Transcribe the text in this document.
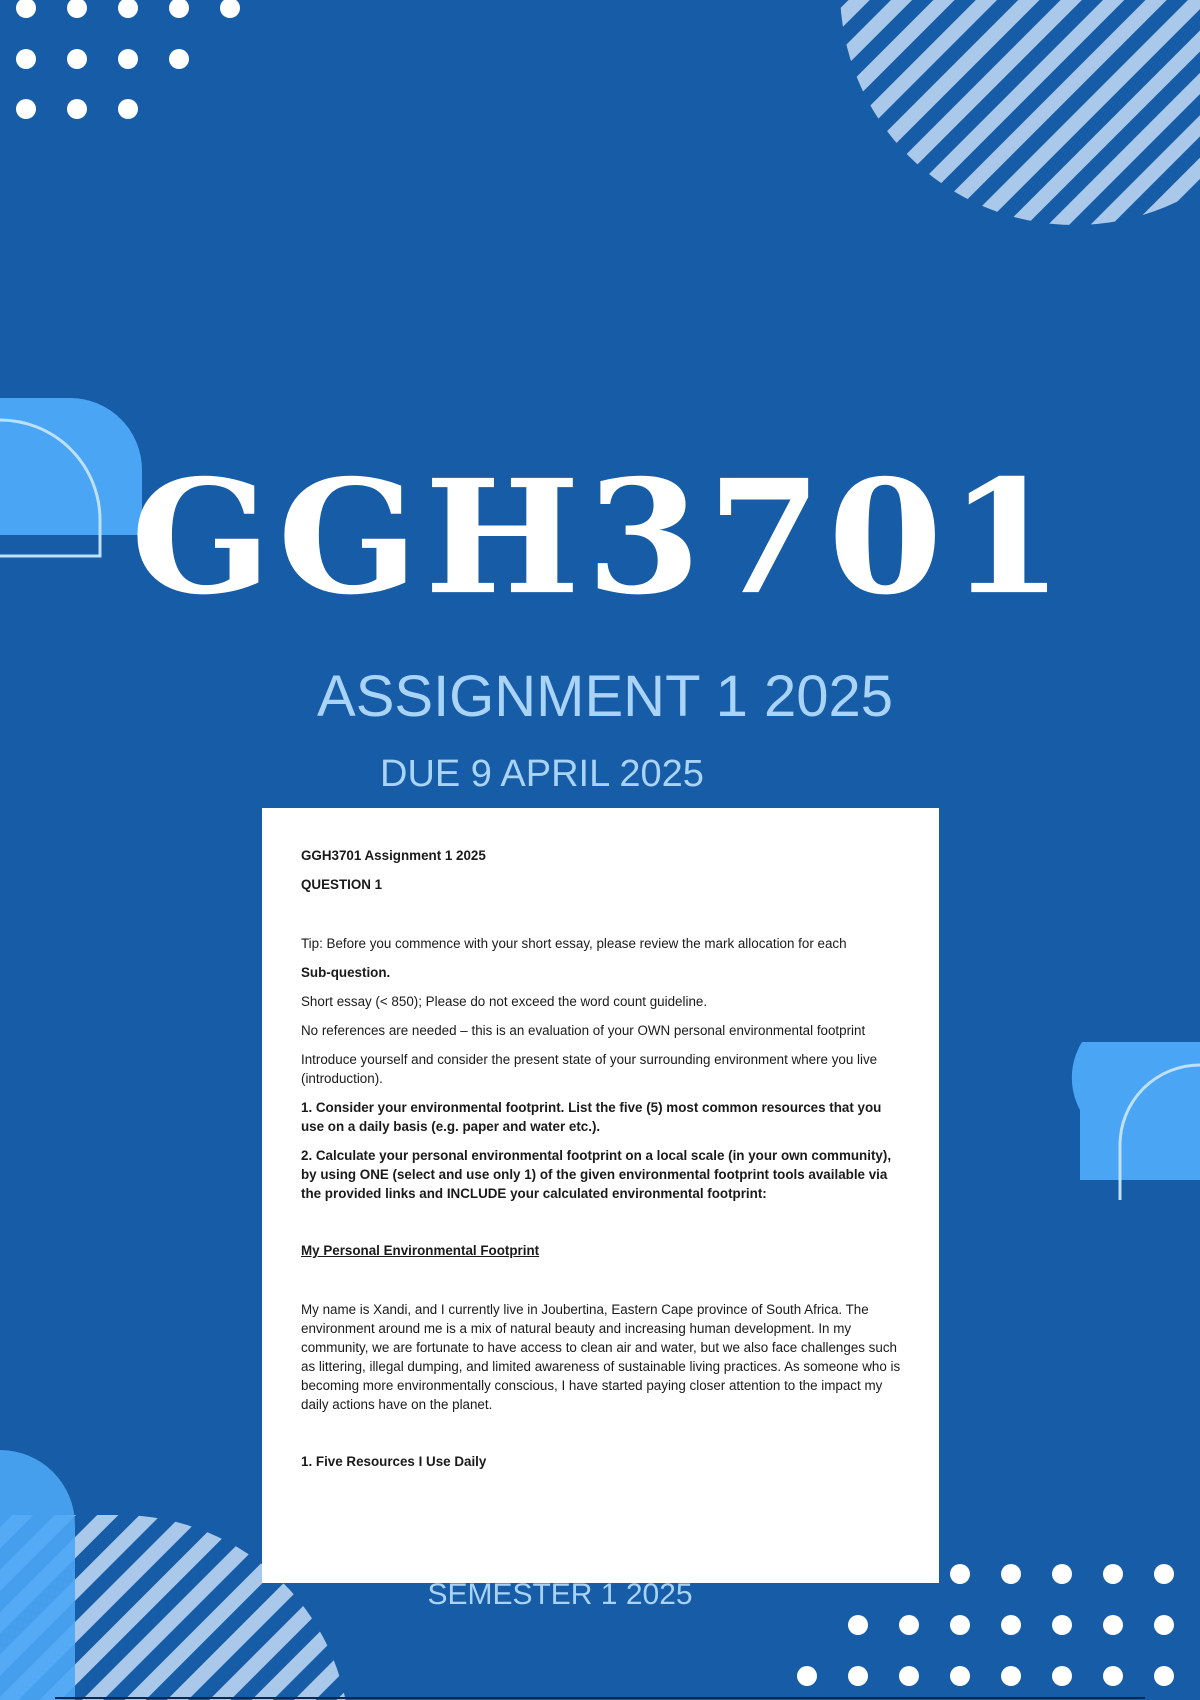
GGH3701
ASSIGNMENT 1 2025
DUE 9 APRIL 2025

GGH3701 Assignment 1 2025

QUESTION 1

Tip: Before you commence with your short essay, please review the mark allocation for each

Sub-question.

Short essay (< 850); Please do not exceed the word count guideline.

No references are needed – this is an evaluation of your OWN personal environmental footprint

Introduce yourself and consider the present state of your surrounding environment where you live (introduction).

1. Consider your environmental footprint. List the five (5) most common resources that you use on a daily basis (e.g. paper and water etc.).

2. Calculate your personal environmental footprint on a local scale (in your own community), by using ONE (select and use only 1) of the given environmental footprint tools available via the provided links and INCLUDE your calculated environmental footprint:

My Personal Environmental Footprint

My name is Xandi, and I currently live in Joubertina, Eastern Cape province of South Africa. The environment around me is a mix of natural beauty and increasing human development. In my community, we are fortunate to have access to clean air and water, but we also face challenges such as littering, illegal dumping, and limited awareness of sustainable living practices. As someone who is becoming more environmentally conscious, I have started paying closer attention to the impact my daily actions have on the planet.

1. Five Resources I Use Daily

SEMESTER 1 2025
